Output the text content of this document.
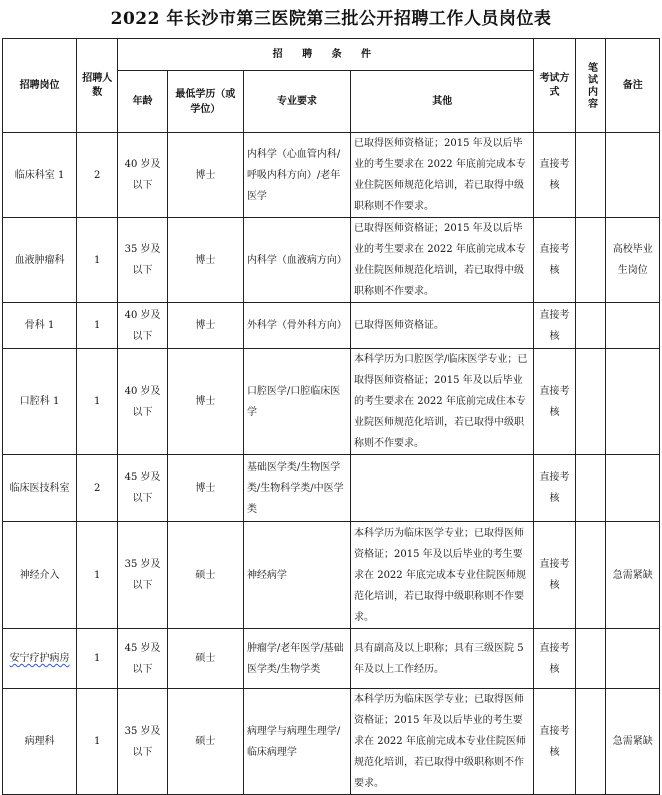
2022 年长沙市第三医院第三批公开招聘工作人员岗位表
招聘岗位	招聘人数	招 聘 条 件				考试方式	笔试内容	备注
		年龄	最低学历（或学位）	专业要求	其他			
临床科室 1	2	40 岁及以下	博士	内科学（心血管内科/呼吸内科方向）/老年医学	已取得医师资格证；2015 年及以后毕业的考生要求在 2022 年底前完成本专业住院医师规范化培训，若已取得中级职称则不作要求。	直接考核		
血液肿瘤科	1	35 岁及以下	博士	内科学（血液病方向）	已取得医师资格证；2015 年及以后毕业的考生要求在 2022 年底前完成本专业住院医师规范化培训，若已取得中级职称则不作要求。	直接考核		高校毕业生岗位
骨科 1	1	40 岁及以下	博士	外科学（骨外科方向）	已取得医师资格证。	直接考核		
口腔科 1	1	40 岁及以下	博士	口腔医学/口腔临床医学	本科学历为口腔医学/临床医学专业；已取得医师资格证；2015 年及以后毕业的考生要求在 2022 年底前完成住本专业院医师规范化培训，若已取得中级职称则不作要求。	直接考核		
临床医技科室	2	45 岁及以下	博士	基础医学类/生物医学类/生物科学类/中医学类		直接考核		
神经介入	1	35 岁及以下	硕士	神经病学	本科学历为临床医学专业；已取得医师资格证；2015 年及以后毕业的考生要求在 2022 年底完成本专业住院医师规范化培训，若已取得中级职称则不作要求。	直接考核		急需紧缺
安宁疗护病房	1	45 岁及以下	硕士	肿瘤学/老年医学/基础医学类/生物学类	具有副高及以上职称；具有三级医院 5 年及以上工作经历。	直接考核		
病理科	1	35 岁及以下	硕士	病理学与病理生理学/临床病理学	本科学历为临床医学专业；已取得医师资格证；2015 年及以后毕业的考生要求在 2022 年底前完成本专业住院医师规范化培训，若已取得中级职称则不作要求。	直接考核		急需紧缺
